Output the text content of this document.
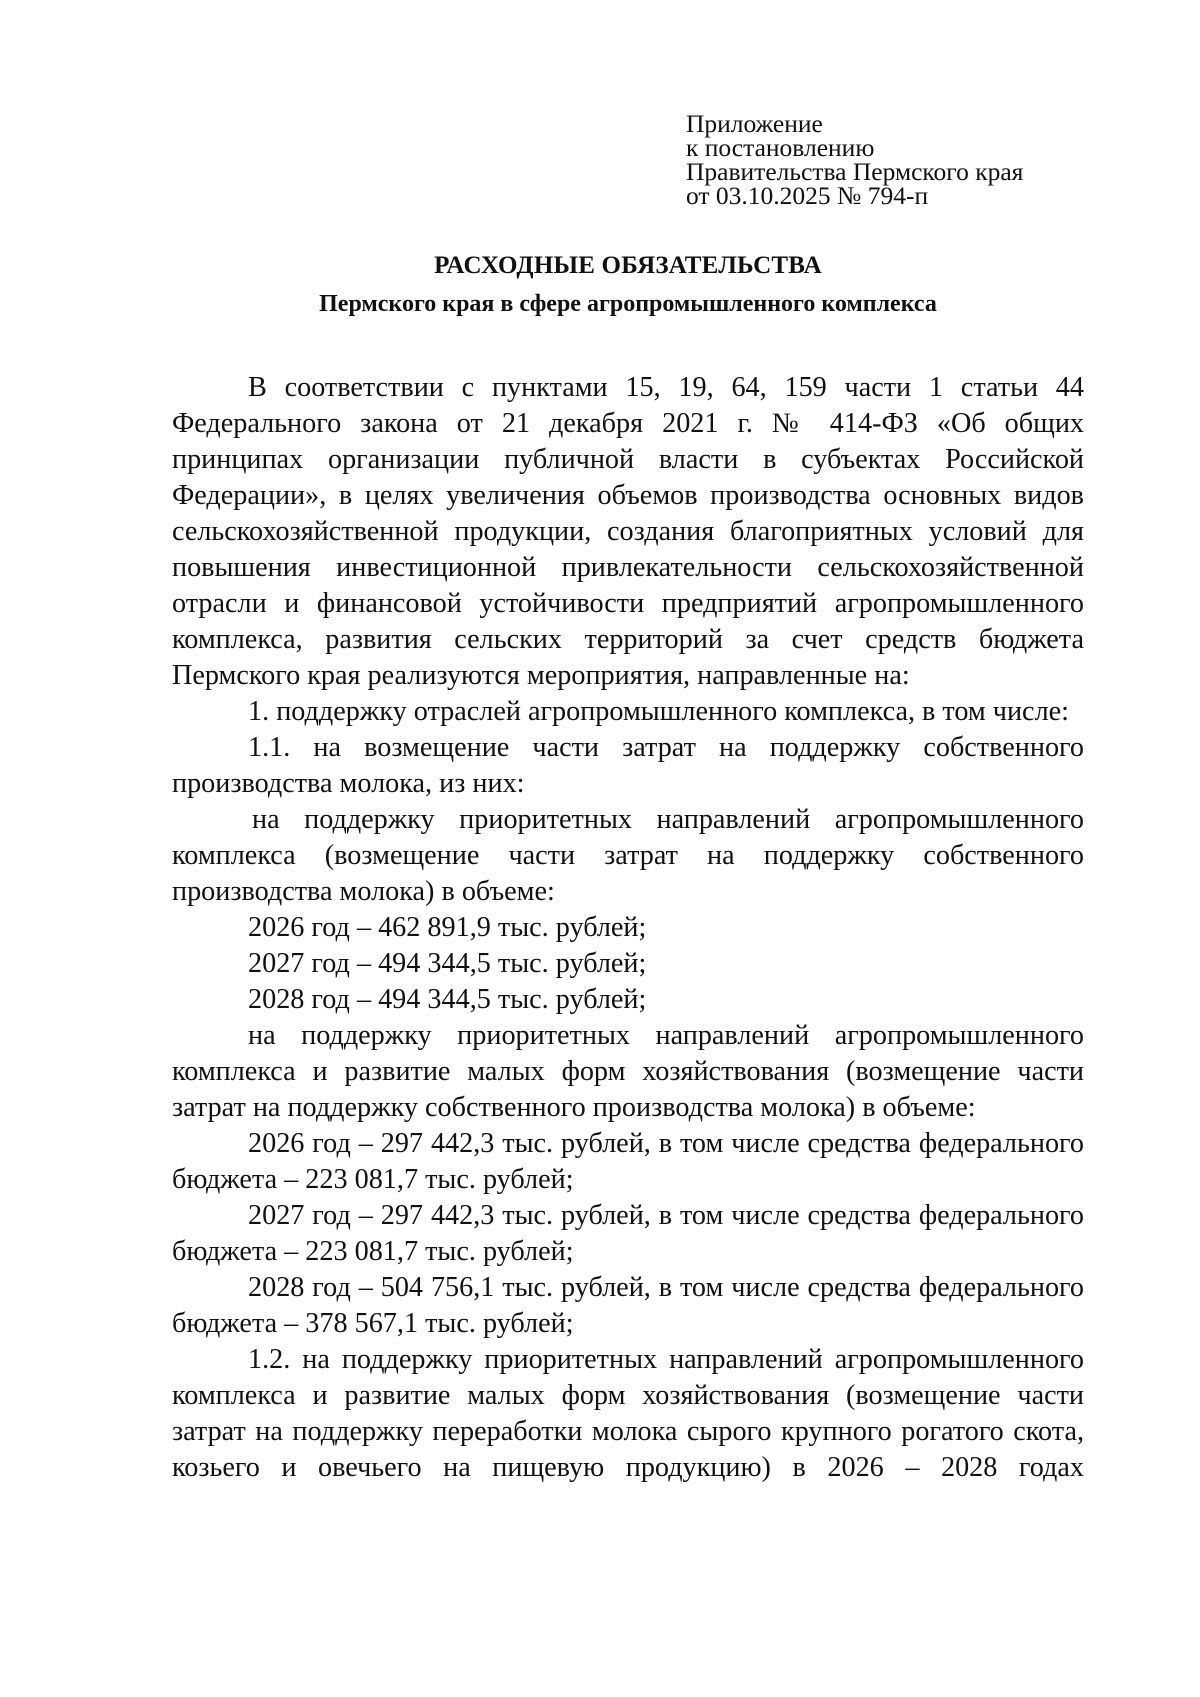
Приложение
к постановлению
Правительства Пермского края
от 03.10.2025 № 794-п
РАСХОДНЫЕ ОБЯЗАТЕЛЬСТВА
Пермского края в сфере агропромышленного комплекса

В соответствии с пунктами 15, 19, 64, 159 части 1 статьи 44 Федерального закона от 21 декабря 2021 г. № 414-ФЗ «Об общих принципах организации публичной власти в субъектах Российской Федерации», в целях увеличения объемов производства основных видов сельскохозяйственной продукции, создания благоприятных условий для повышения инвестиционной привлекательности сельскохозяйственной отрасли и финансовой устойчивости предприятий агропромышленного комплекса, развития сельских территорий за счет средств бюджета Пермского края реализуются мероприятия, направленные на:

1. поддержку отраслей агропромышленного комплекса, в том числе:

1.1. на возмещение части затрат на поддержку собственного производства молока, из них:

на поддержку приоритетных направлений агропромышленного комплекса (возмещение части затрат на поддержку собственного производства молока) в объеме:

2026 год – 462 891,9 тыс. рублей;

2027 год – 494 344,5 тыс. рублей;

2028 год – 494 344,5 тыс. рублей;

на поддержку приоритетных направлений агропромышленного комплекса и развитие малых форм хозяйствования (возмещение части затрат на поддержку собственного производства молока) в объеме:

2026 год – 297 442,3 тыс. рублей, в том числе средства федерального бюджета – 223 081,7 тыс. рублей;

2027 год – 297 442,3 тыс. рублей, в том числе средства федерального бюджета – 223 081,7 тыс. рублей;

2028 год – 504 756,1 тыс. рублей, в том числе средства федерального бюджета – 378 567,1 тыс. рублей;

1.2. на поддержку приоритетных направлений агропромышленного комплекса и развитие малых форм хозяйствования (возмещение части затрат на поддержку переработки молока сырого крупного рогатого скота, козьего и овечьего на пищевую продукцию) в 2026 – 2028 годах
